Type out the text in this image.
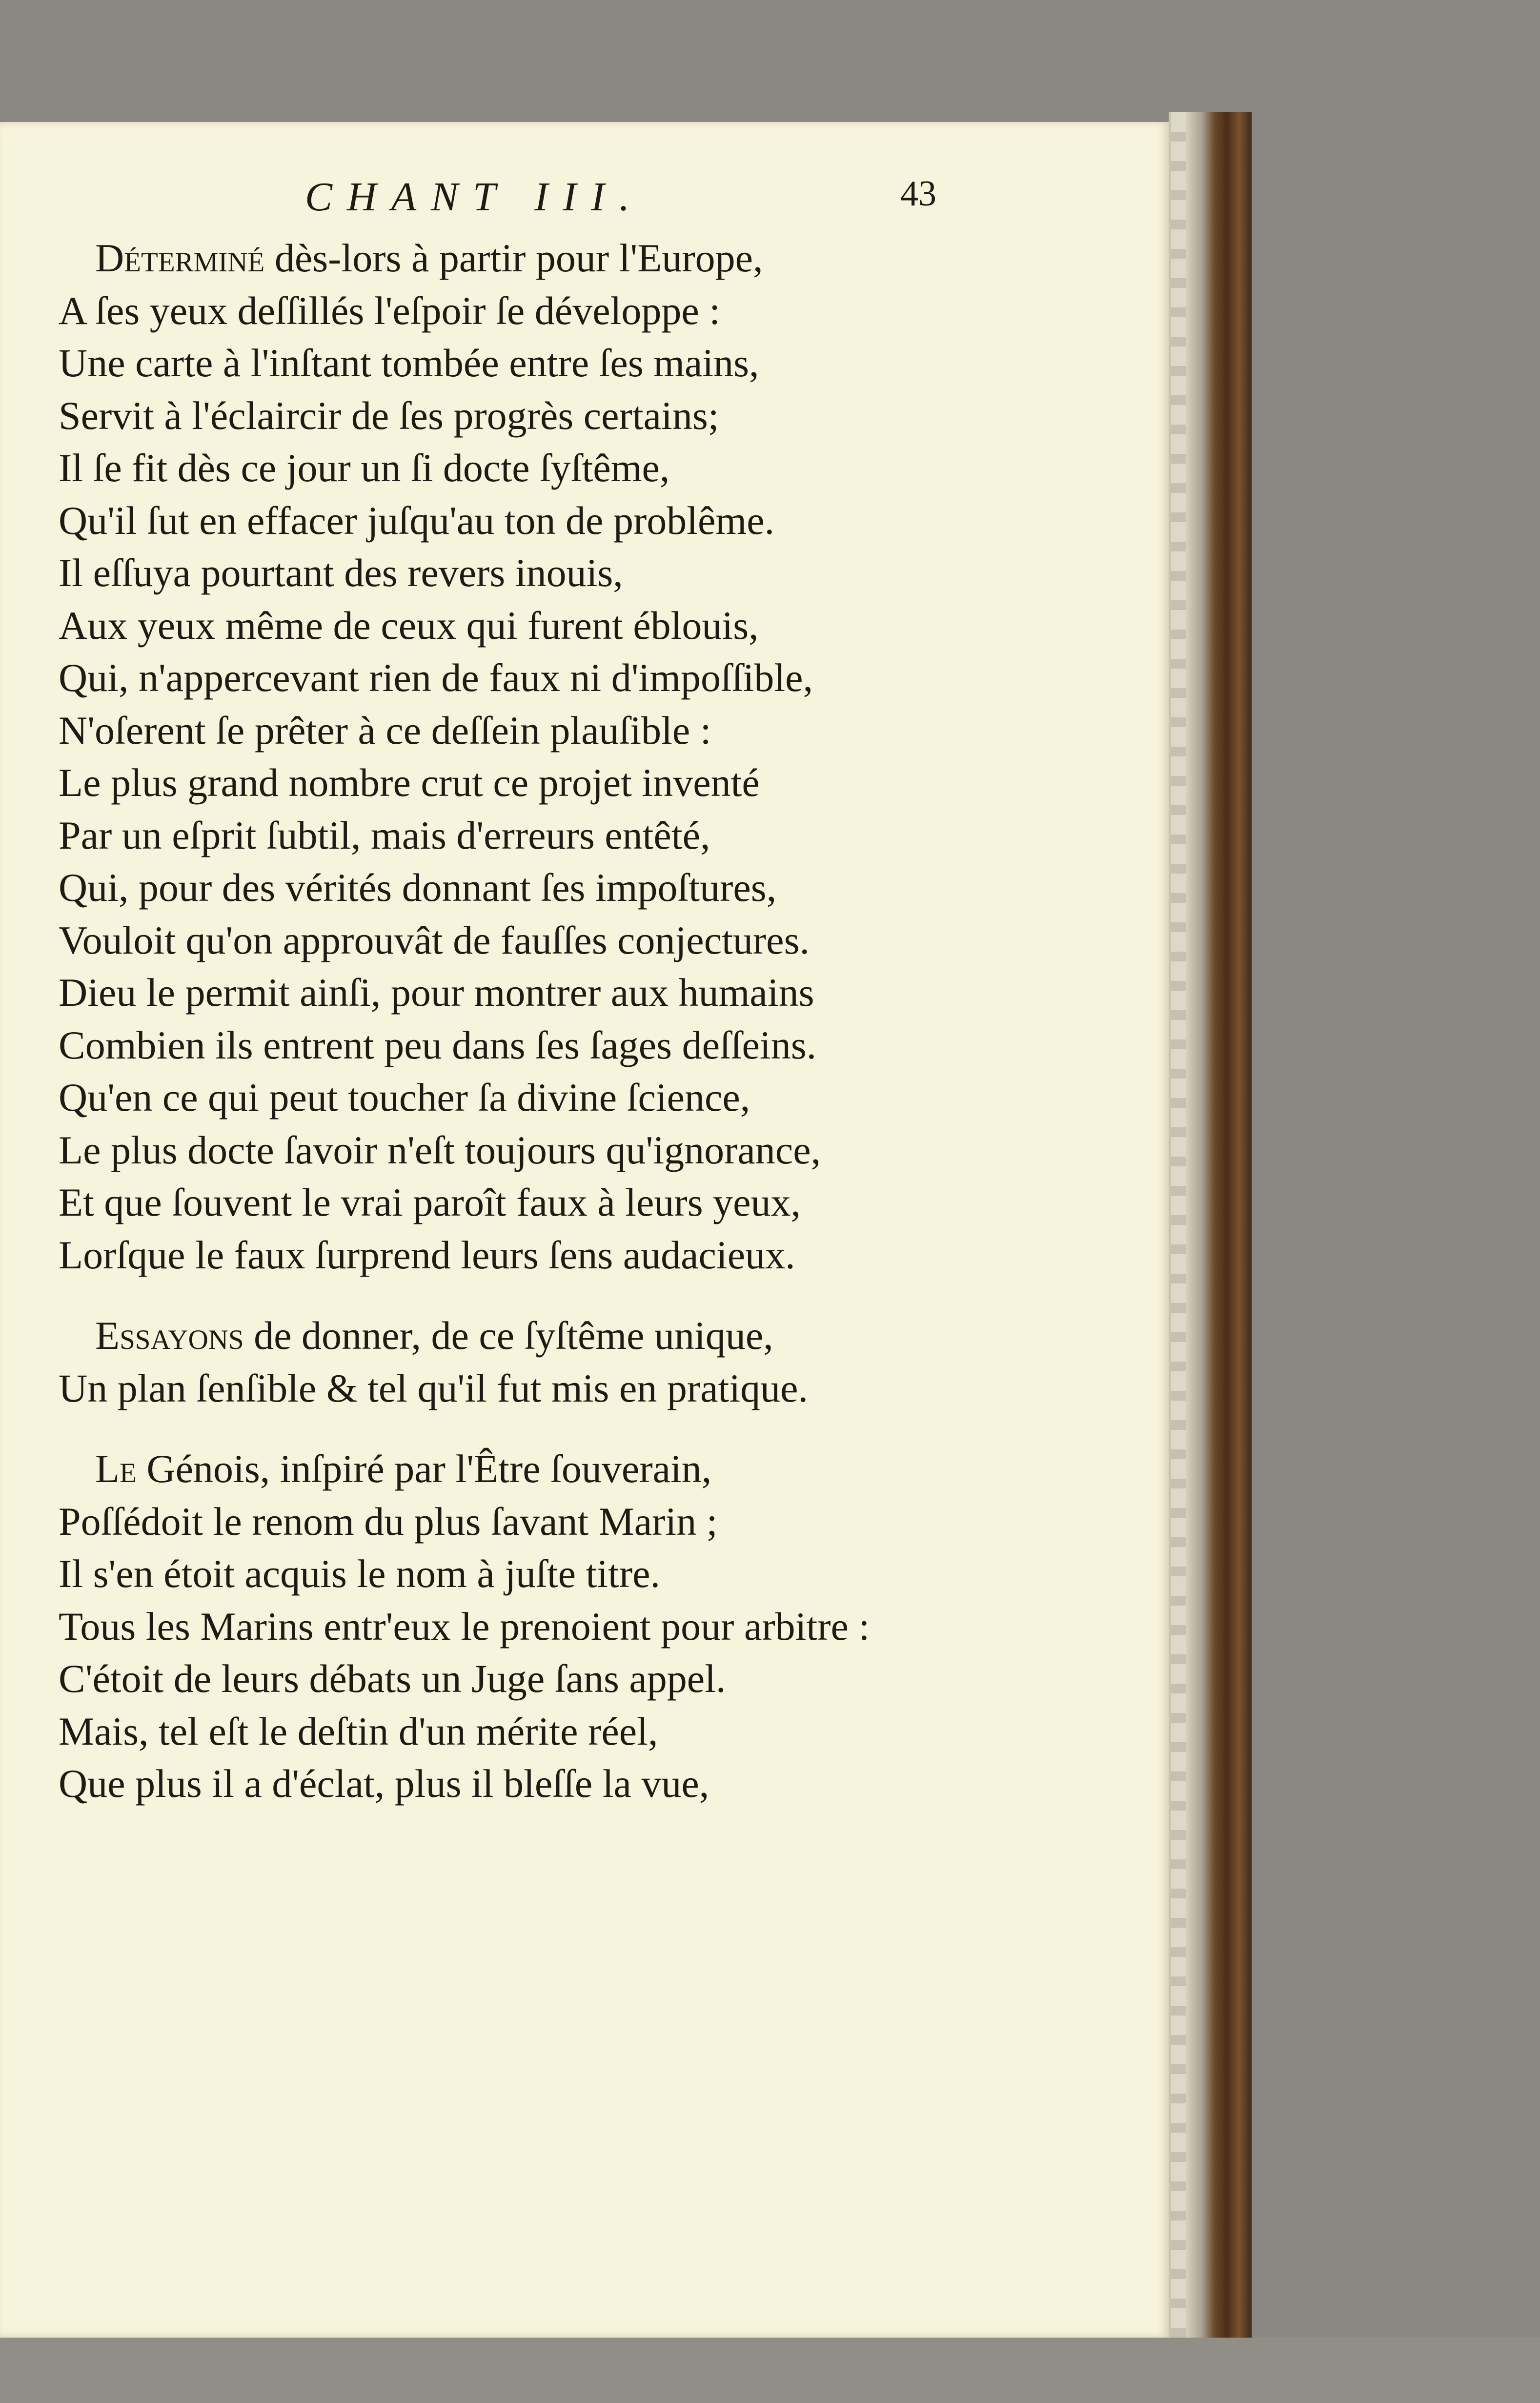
CHANT III.	43
Déterminé dès-lors à partir pour l'Europe,
A ſes yeux deſſillés l'eſpoir ſe développe :
Une carte à l'inſtant tombée entre ſes mains,
Servit à l'éclaircir de ſes progrès certains;
Il ſe fit dès ce jour un ſi docte ſyſtême,
Qu'il ſut en effacer juſqu'au ton de problême.
Il eſſuya pourtant des revers inouis,
Aux yeux même de ceux qui furent éblouis,
Qui, n'appercevant rien de faux ni d'impoſſible,
N'oſerent ſe prêter à ce deſſein plauſible :
Le plus grand nombre crut ce projet inventé
Par un eſprit ſubtil, mais d'erreurs entêté,
Qui, pour des vérités donnant ſes impoſtures,
Vouloit qu'on approuvât de fauſſes conjectures.
Dieu le permit ainſi, pour montrer aux humains
Combien ils entrent peu dans ſes ſages deſſeins.
Qu'en ce qui peut toucher ſa divine ſcience,
Le plus docte ſavoir n'eſt toujours qu'ignorance,
Et que ſouvent le vrai paroît faux à leurs yeux,
Lorſque le faux ſurprend leurs ſens audacieux.
Essayons de donner, de ce ſyſtême unique,
Un plan ſenſible & tel qu'il fut mis en pratique.
Le Génois, inſpiré par l'Être ſouverain,
Poſſédoit le renom du plus ſavant Marin ;
Il s'en étoit acquis le nom à juſte titre.
Tous les Marins entr'eux le prenoient pour arbitre :
C'étoit de leurs débats un Juge ſans appel.
Mais, tel eſt le deſtin d'un mérite réel,
Que plus il a d'éclat, plus il bleſſe la vue,
